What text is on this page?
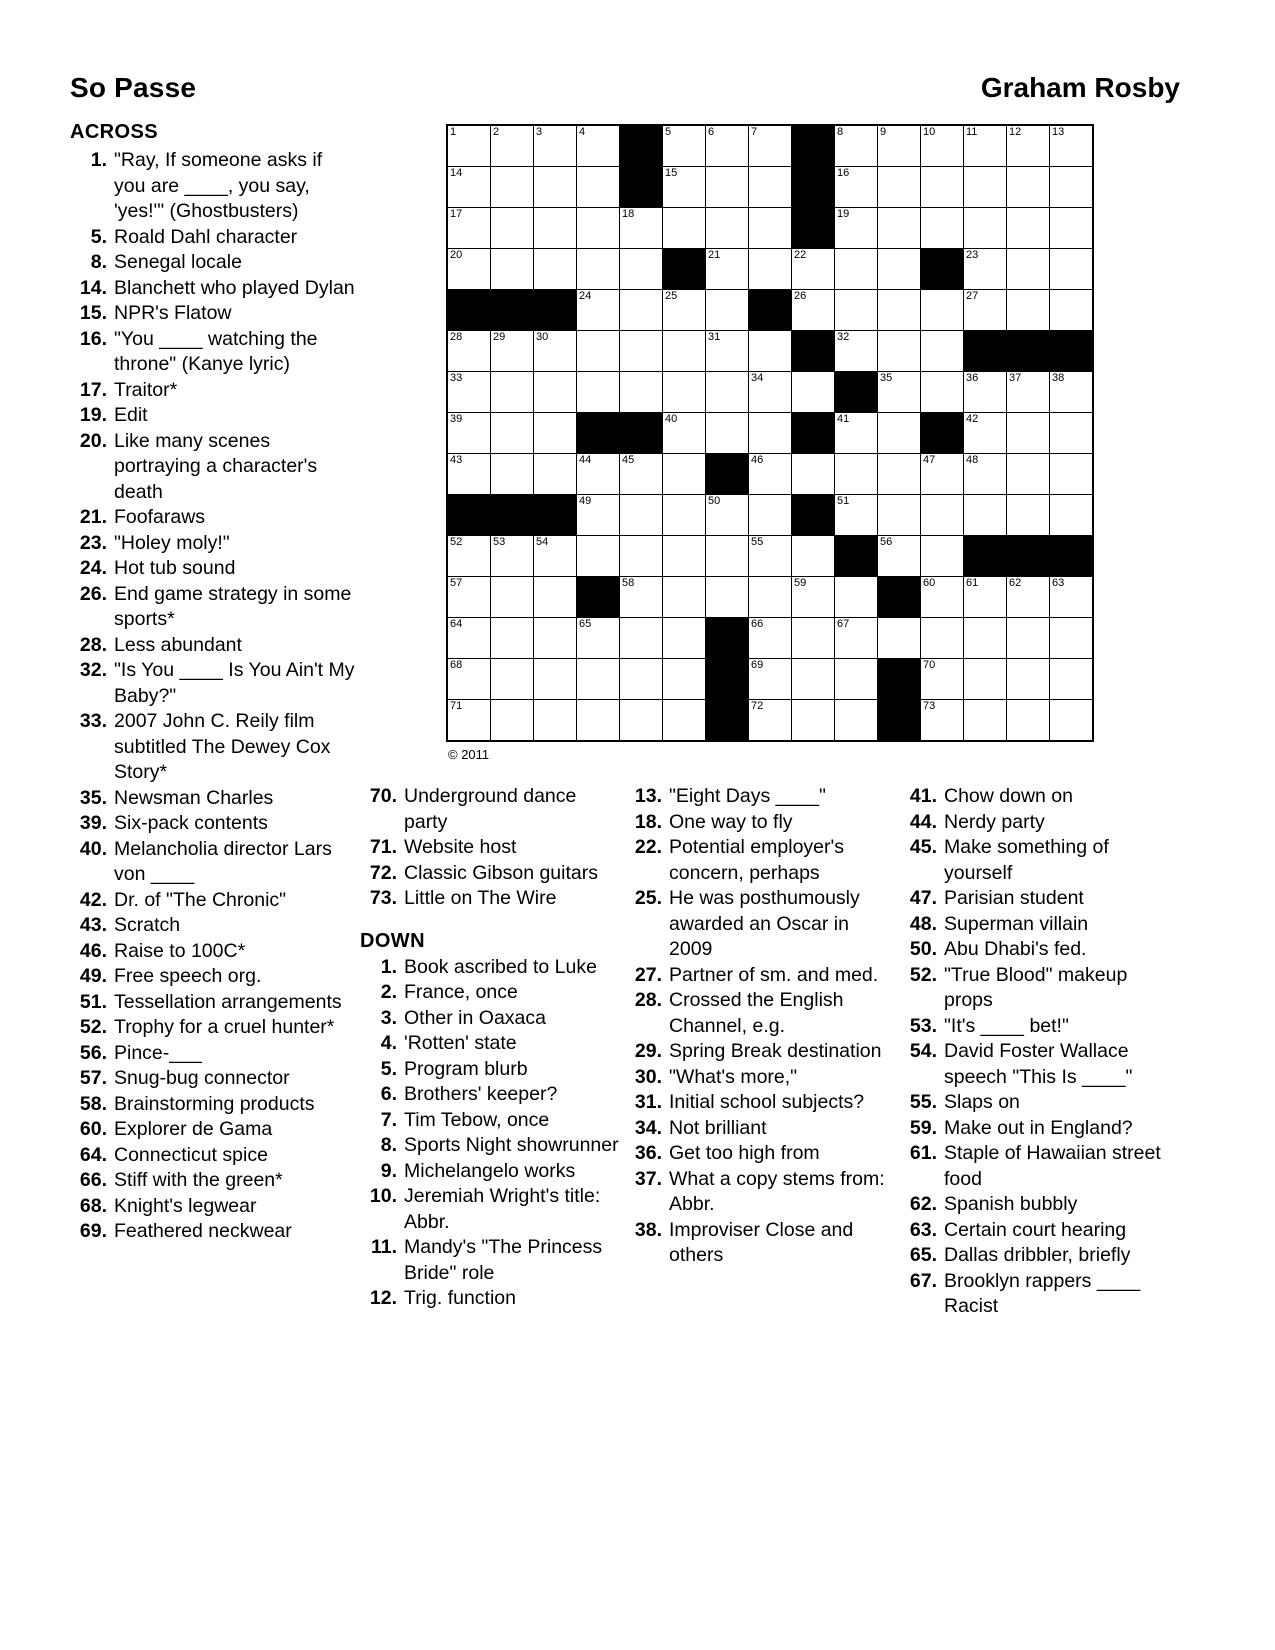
So Passe	Graham Rosby
ACROSS
1. "Ray, If someone asks if you are ____, you say, 'yes!'" (Ghostbusters)
5. Roald Dahl character
8. Senegal locale
14. Blanchett who played Dylan
15. NPR's Flatow
16. "You ____ watching the throne" (Kanye lyric)
17. Traitor*
19. Edit
20. Like many scenes portraying a character's death
21. Foofaraws
23. "Holey moly!"
24. Hot tub sound
26. End game strategy in some sports*
28. Less abundant
32. "Is You ____ Is You Ain't My Baby?"
33. 2007 John C. Reily film subtitled The Dewey Cox Story*
35. Newsman Charles
39. Six-pack contents
40. Melancholia director Lars von ____
42. Dr. of "The Chronic"
43. Scratch
46. Raise to 100C*
49. Free speech org.
51. Tessellation arrangements
52. Trophy for a cruel hunter*
56. Pince-___
57. Snug-bug connector
58. Brainstorming products
60. Explorer de Gama
64. Connecticut spice
66. Stiff with the green*
68. Knight's legwear
69. Feathered neckwear
1	2	3	4		5	6	7		8	9	10	11	12	13

14					15				16					

17				18					19					

20						21		22				23		

			24		25			26				27		

28	29	30				31			32					

33							34			35		36	37	38

39					40				41			42		

43			44	45			46				47	48		

			49			50			51					

52	53	54					55			56				

57				58				59			60	61	62	63

64			65				66		67					

68							69				70			

71							72				73			

© 2011
70. Underground dance party
71. Website host
72. Classic Gibson guitars
73. Little on The Wire
DOWN
1. Book ascribed to Luke
2. France, once
3. Other in Oaxaca
4. 'Rotten' state
5. Program blurb
6. Brothers' keeper?
7. Tim Tebow, once
8. Sports Night showrunner
9. Michelangelo works
10. Jeremiah Wright's title: Abbr.
11. Mandy's "The Princess Bride" role
12. Trig. function
13. "Eight Days ____"
18. One way to fly
22. Potential employer's concern, perhaps
25. He was posthumously awarded an Oscar in 2009
27. Partner of sm. and med.
28. Crossed the English Channel, e.g.
29. Spring Break destination
30. "What's more,"
31. Initial school subjects?
34. Not brilliant
36. Get too high from
37. What a copy stems from: Abbr.
38. Improviser Close and others
41. Chow down on
44. Nerdy party
45. Make something of yourself
47. Parisian student
48. Superman villain
50. Abu Dhabi's fed.
52. "True Blood" makeup props
53. "It's ____ bet!"
54. David Foster Wallace speech "This Is ____"
55. Slaps on
59. Make out in England?
61. Staple of Hawaiian street food
62. Spanish bubbly
63. Certain court hearing
65. Dallas dribbler, briefly
67. Brooklyn rappers ____ Racist
